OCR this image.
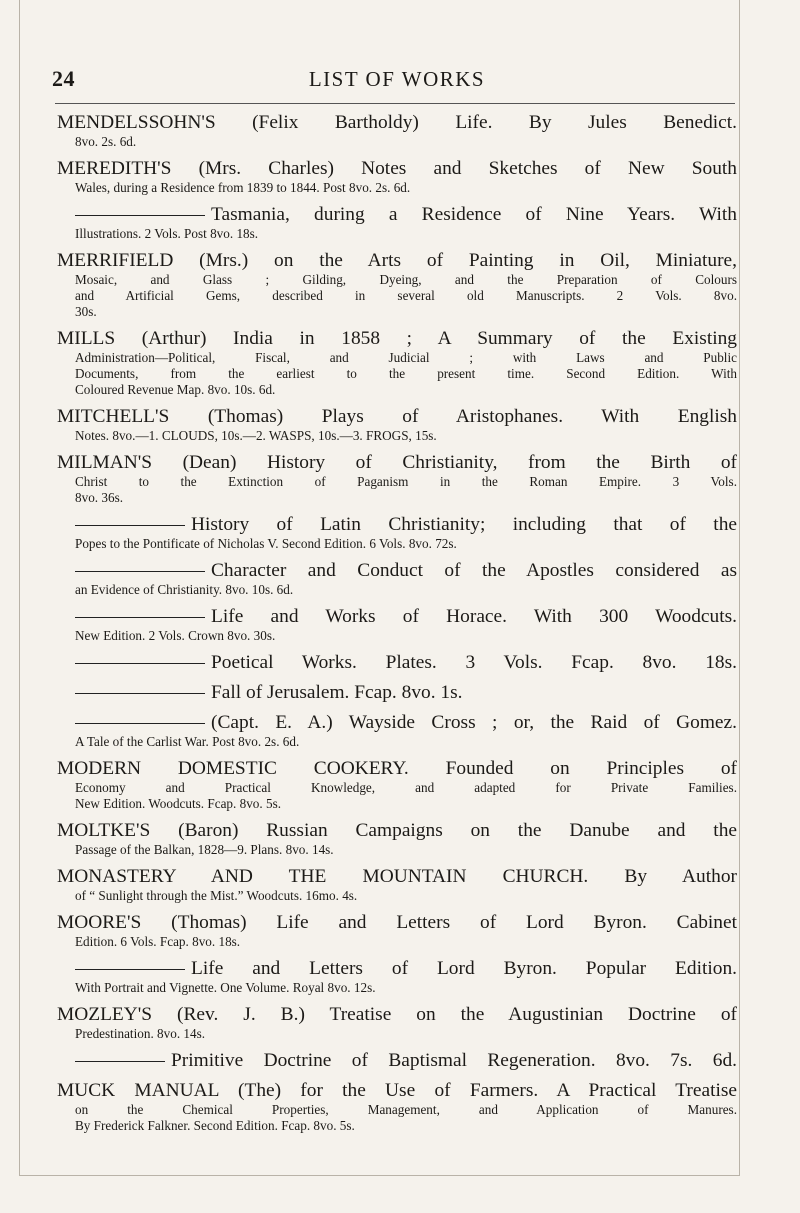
24	LIST OF WORKS
MENDELSSOHN'S (Felix Bartholdy) Life. By Jules Benedict.
8vo. 2s. 6d.
MEREDITH'S (Mrs. Charles) Notes and Sketches of New South
Wales, during a Residence from 1839 to 1844. Post 8vo. 2s. 6d.
Tasmania, during a Residence of Nine Years. With
Illustrations. 2 Vols. Post 8vo. 18s.
MERRIFIELD (Mrs.) on the Arts of Painting in Oil, Miniature,
Mosaic, and Glass ; Gilding, Dyeing, and the Preparation of Colours
and Artificial Gems, described in several old Manuscripts. 2 Vols. 8vo.
30s.
MILLS (Arthur) India in 1858 ; A Summary of the Existing
Administration—Political, Fiscal, and Judicial ; with Laws and Public
Documents, from the earliest to the present time. Second Edition. With
Coloured Revenue Map. 8vo. 10s. 6d.
MITCHELL'S (Thomas) Plays of Aristophanes. With English
Notes. 8vo.—1. CLOUDS, 10s.—2. WASPS, 10s.—3. FROGS, 15s.
MILMAN'S (Dean) History of Christianity, from the Birth of
Christ to the Extinction of Paganism in the Roman Empire. 3 Vols.
8vo. 36s.
History of Latin Christianity; including that of the
Popes to the Pontificate of Nicholas V. Second Edition. 6 Vols. 8vo. 72s.
Character and Conduct of the Apostles considered as
an Evidence of Christianity. 8vo. 10s. 6d.
Life and Works of Horace. With 300 Woodcuts.
New Edition. 2 Vols. Crown 8vo. 30s.
Poetical Works. Plates. 3 Vols. Fcap. 8vo. 18s.
Fall of Jerusalem. Fcap. 8vo. 1s.
(Capt. E. A.) Wayside Cross ; or, the Raid of Gomez.
A Tale of the Carlist War. Post 8vo. 2s. 6d.
MODERN DOMESTIC COOKERY. Founded on Principles of
Economy and Practical Knowledge, and adapted for Private Families.
New Edition. Woodcuts. Fcap. 8vo. 5s.
MOLTKE'S (Baron) Russian Campaigns on the Danube and the
Passage of the Balkan, 1828—9. Plans. 8vo. 14s.
MONASTERY AND THE MOUNTAIN CHURCH. By Author
of “ Sunlight through the Mist.” Woodcuts. 16mo. 4s.
MOORE'S (Thomas) Life and Letters of Lord Byron. Cabinet
Edition. 6 Vols. Fcap. 8vo. 18s.
Life and Letters of Lord Byron. Popular Edition.
With Portrait and Vignette. One Volume. Royal 8vo. 12s.
MOZLEY'S (Rev. J. B.) Treatise on the Augustinian Doctrine of
Predestination. 8vo. 14s.
Primitive Doctrine of Baptismal Regeneration. 8vo. 7s. 6d.
MUCK MANUAL (The) for the Use of Farmers. A Practical Treatise
on the Chemical Properties, Management, and Application of Manures.
By Frederick Falkner. Second Edition. Fcap. 8vo. 5s.
